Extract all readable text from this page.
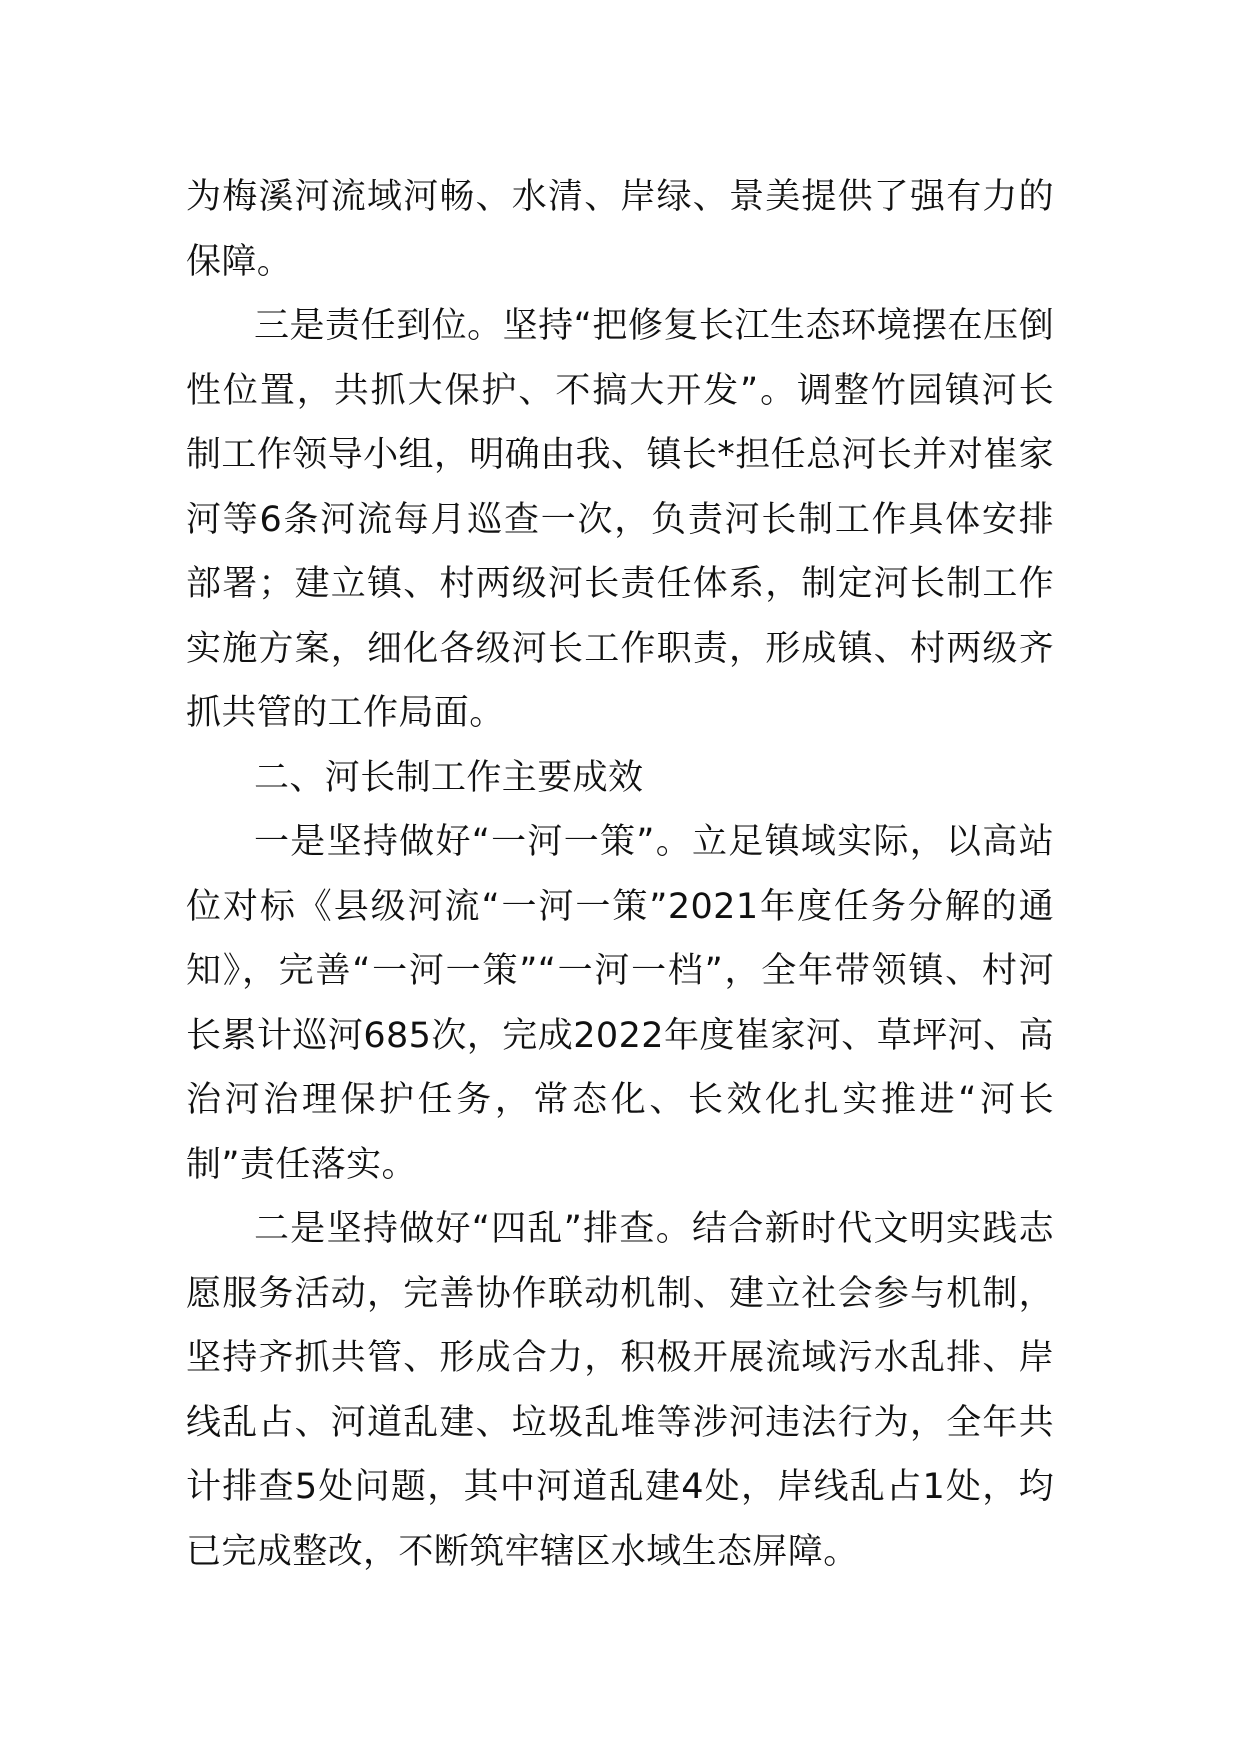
为梅溪河流域河畅、水清、岸绿、景美提供了强有力的保障。

三是责任到位。坚持“把修复长江生态环境摆在压倒性位置，共抓大保护、不搞大开发”。调整竹园镇河长制工作领导小组，明确由我、镇长*担任总河长并对崔家河等6条河流每月巡查一次，负责河长制工作具体安排部署；建立镇、村两级河长责任体系，制定河长制工作实施方案，细化各级河长工作职责，形成镇、村两级齐抓共管的工作局面。

二、河长制工作主要成效

一是坚持做好“一河一策”。立足镇域实际，以高站位对标《县级河流“一河一策”2021年度任务分解的通知》，完善“一河一策”“一河一档”，全年带领镇、村河长累计巡河685次，完成2022年度崔家河、草坪河、高治河治理保护任务，常态化、长效化扎实推进“河长制”责任落实。

二是坚持做好“四乱”排查。结合新时代文明实践志愿服务活动，完善协作联动机制、建立社会参与机制，坚持齐抓共管、形成合力，积极开展流域污水乱排、岸线乱占、河道乱建、垃圾乱堆等涉河违法行为，全年共计排查5处问题，其中河道乱建4处，岸线乱占1处，均已完成整改，不断筑牢辖区水域生态屏障。
